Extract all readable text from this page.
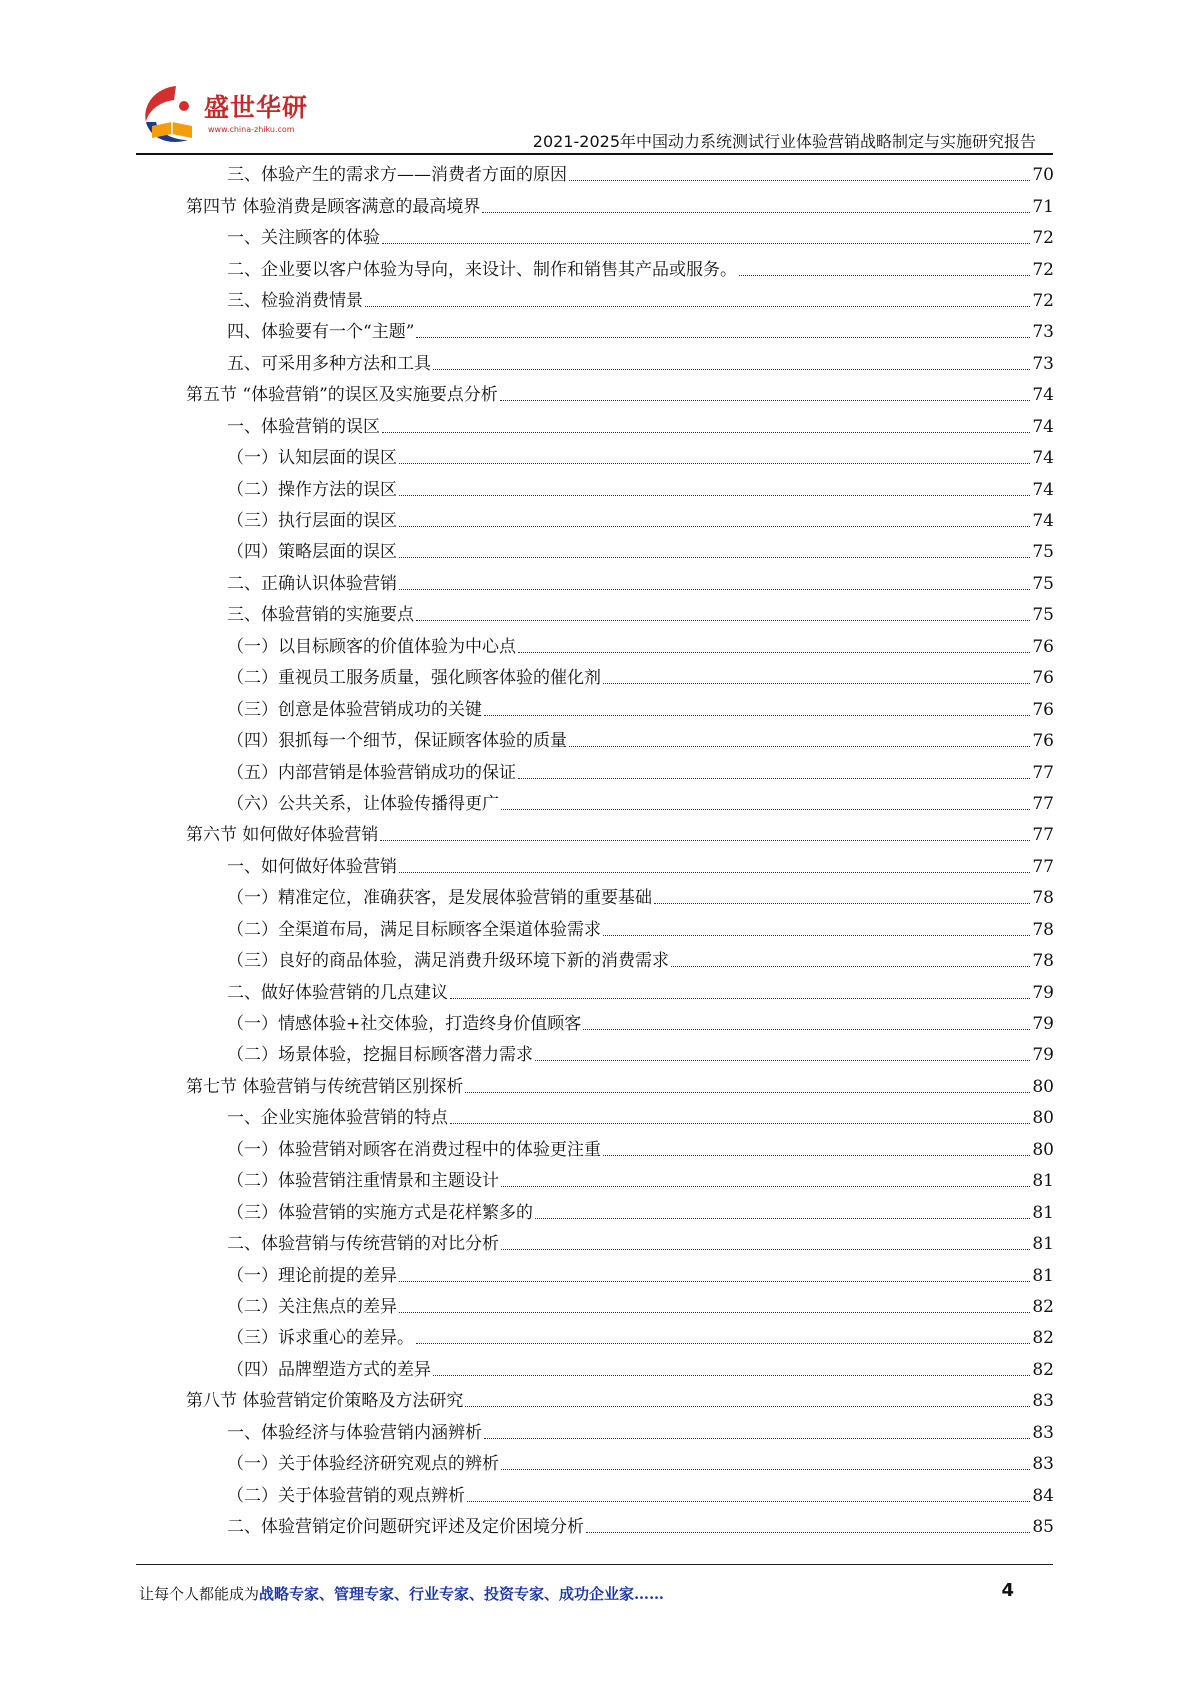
盛世华研
www.china-zhiku.com
2021-2025年中国动力系统测试行业体验营销战略制定与实施研究报告
三、体验产生的需求方——消费者方面的原因	70
第四节 体验消费是顾客满意的最高境界	71
一、关注顾客的体验	72
二、企业要以客户体验为导向，来设计、制作和销售其产品或服务。	72
三、检验消费情景	72
四、体验要有一个“主题”	73
五、可采用多种方法和工具	73
第五节 “体验营销”的误区及实施要点分析	74
一、体验营销的误区	74
（一）认知层面的误区	74
（二）操作方法的误区	74
（三）执行层面的误区	74
（四）策略层面的误区	75
二、正确认识体验营销	75
三、体验营销的实施要点	75
（一）以目标顾客的价值体验为中心点	76
（二）重视员工服务质量，强化顾客体验的催化剂	76
（三）创意是体验营销成功的关键	76
（四）狠抓每一个细节，保证顾客体验的质量	76
（五）内部营销是体验营销成功的保证	77
（六）公共关系，让体验传播得更广	77
第六节 如何做好体验营销	77
一、如何做好体验营销	77
（一）精准定位，准确获客，是发展体验营销的重要基础	78
（二）全渠道布局，满足目标顾客全渠道体验需求	78
（三）良好的商品体验，满足消费升级环境下新的消费需求	78
二、做好体验营销的几点建议	79
（一）情感体验+社交体验，打造终身价值顾客	79
（二）场景体验，挖掘目标顾客潜力需求	79
第七节 体验营销与传统营销区别探析	80
一、企业实施体验营销的特点	80
（一）体验营销对顾客在消费过程中的体验更注重	80
（二）体验营销注重情景和主题设计	81
（三）体验营销的实施方式是花样繁多的	81
二、体验营销与传统营销的对比分析	81
（一）理论前提的差异	81
（二）关注焦点的差异	82
（三）诉求重心的差异。	82
（四）品牌塑造方式的差异	82
第八节 体验营销定价策略及方法研究	83
一、体验经济与体验营销内涵辨析	83
（一）关于体验经济研究观点的辨析	83
（二）关于体验营销的观点辨析	84
二、体验营销定价问题研究评述及定价困境分析	85
让每个人都能成为战略专家、管理专家、行业专家、投资专家、成功企业家……	4
